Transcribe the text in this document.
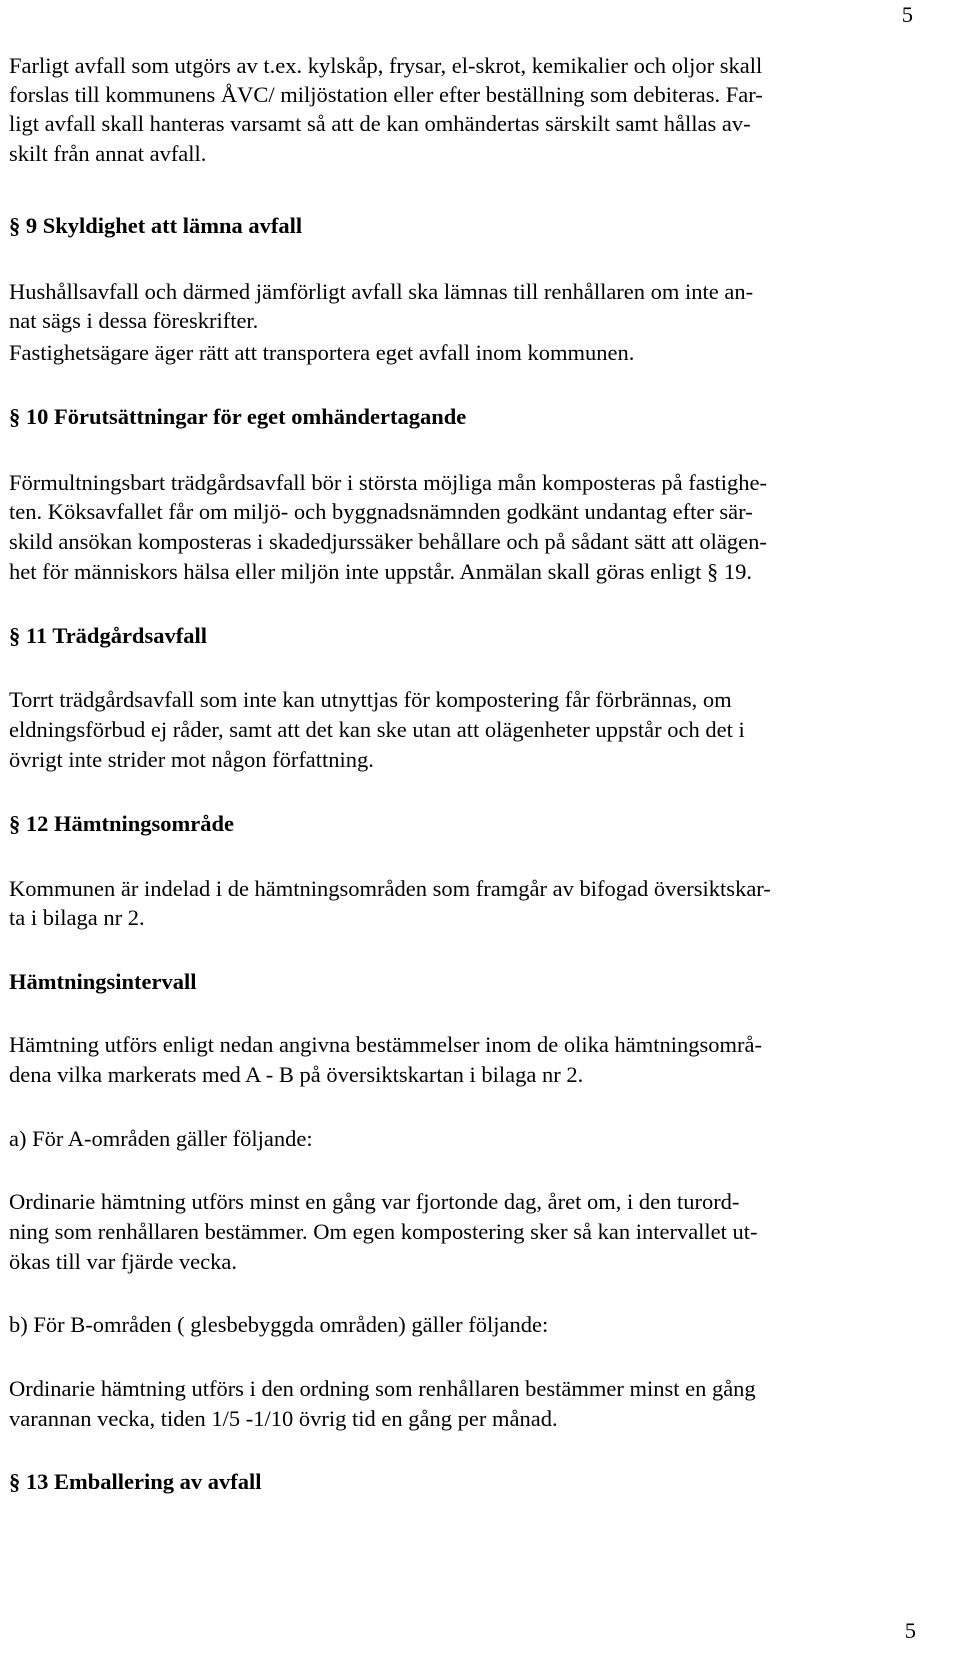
5
Farligt avfall som utgörs av t.ex. kylskåp, frysar, el-skrot, kemikalier och oljor skall
forslas till kommunens ÅVC/ miljöstation eller efter beställning som debiteras. Far-
ligt avfall skall hanteras varsamt så att de kan omhändertas särskilt samt hållas av-
skilt från annat avfall.
§ 9 Skyldighet att lämna avfall
Hushållsavfall och därmed jämförligt avfall ska lämnas till renhållaren om inte an-
nat sägs i dessa föreskrifter.
Fastighetsägare äger rätt att transportera eget avfall inom kommunen.
§ 10 Förutsättningar för eget omhändertagande
Förmultningsbart trädgårdsavfall bör i största möjliga mån komposteras på fastighe-
ten. Köksavfallet får om miljö- och byggnadsnämnden godkänt undantag efter sär-
skild ansökan komposteras i skadedjurssäker behållare och på sådant sätt att olägen-
het för människors hälsa eller miljön inte uppstår. Anmälan skall göras enligt § 19.
§ 11 Trädgårdsavfall
Torrt trädgårdsavfall som inte kan utnyttjas för kompostering får förbrännas, om
eldningsförbud ej råder, samt att det kan ske utan att olägenheter uppstår och det i
övrigt inte strider mot någon författning.
§ 12 Hämtningsområde
Kommunen är indelad i de hämtningsområden som framgår av bifogad översiktskar-
ta i bilaga nr 2.
Hämtningsintervall
Hämtning utförs enligt nedan angivna bestämmelser inom de olika hämtningsområ-
dena vilka markerats med A - B på översiktskartan i bilaga nr 2.
a) För A-områden gäller följande:
Ordinarie hämtning utförs minst en gång var fjortonde dag, året om, i den turord-
ning som renhållaren bestämmer. Om egen kompostering sker så kan intervallet ut-
ökas till var fjärde vecka.
b) För B-områden ( glesbebyggda områden) gäller följande:
Ordinarie hämtning utförs i den ordning som renhållaren bestämmer minst en gång
varannan vecka, tiden 1/5 -1/10 övrig tid en gång per månad.
§ 13 Emballering av avfall
5
